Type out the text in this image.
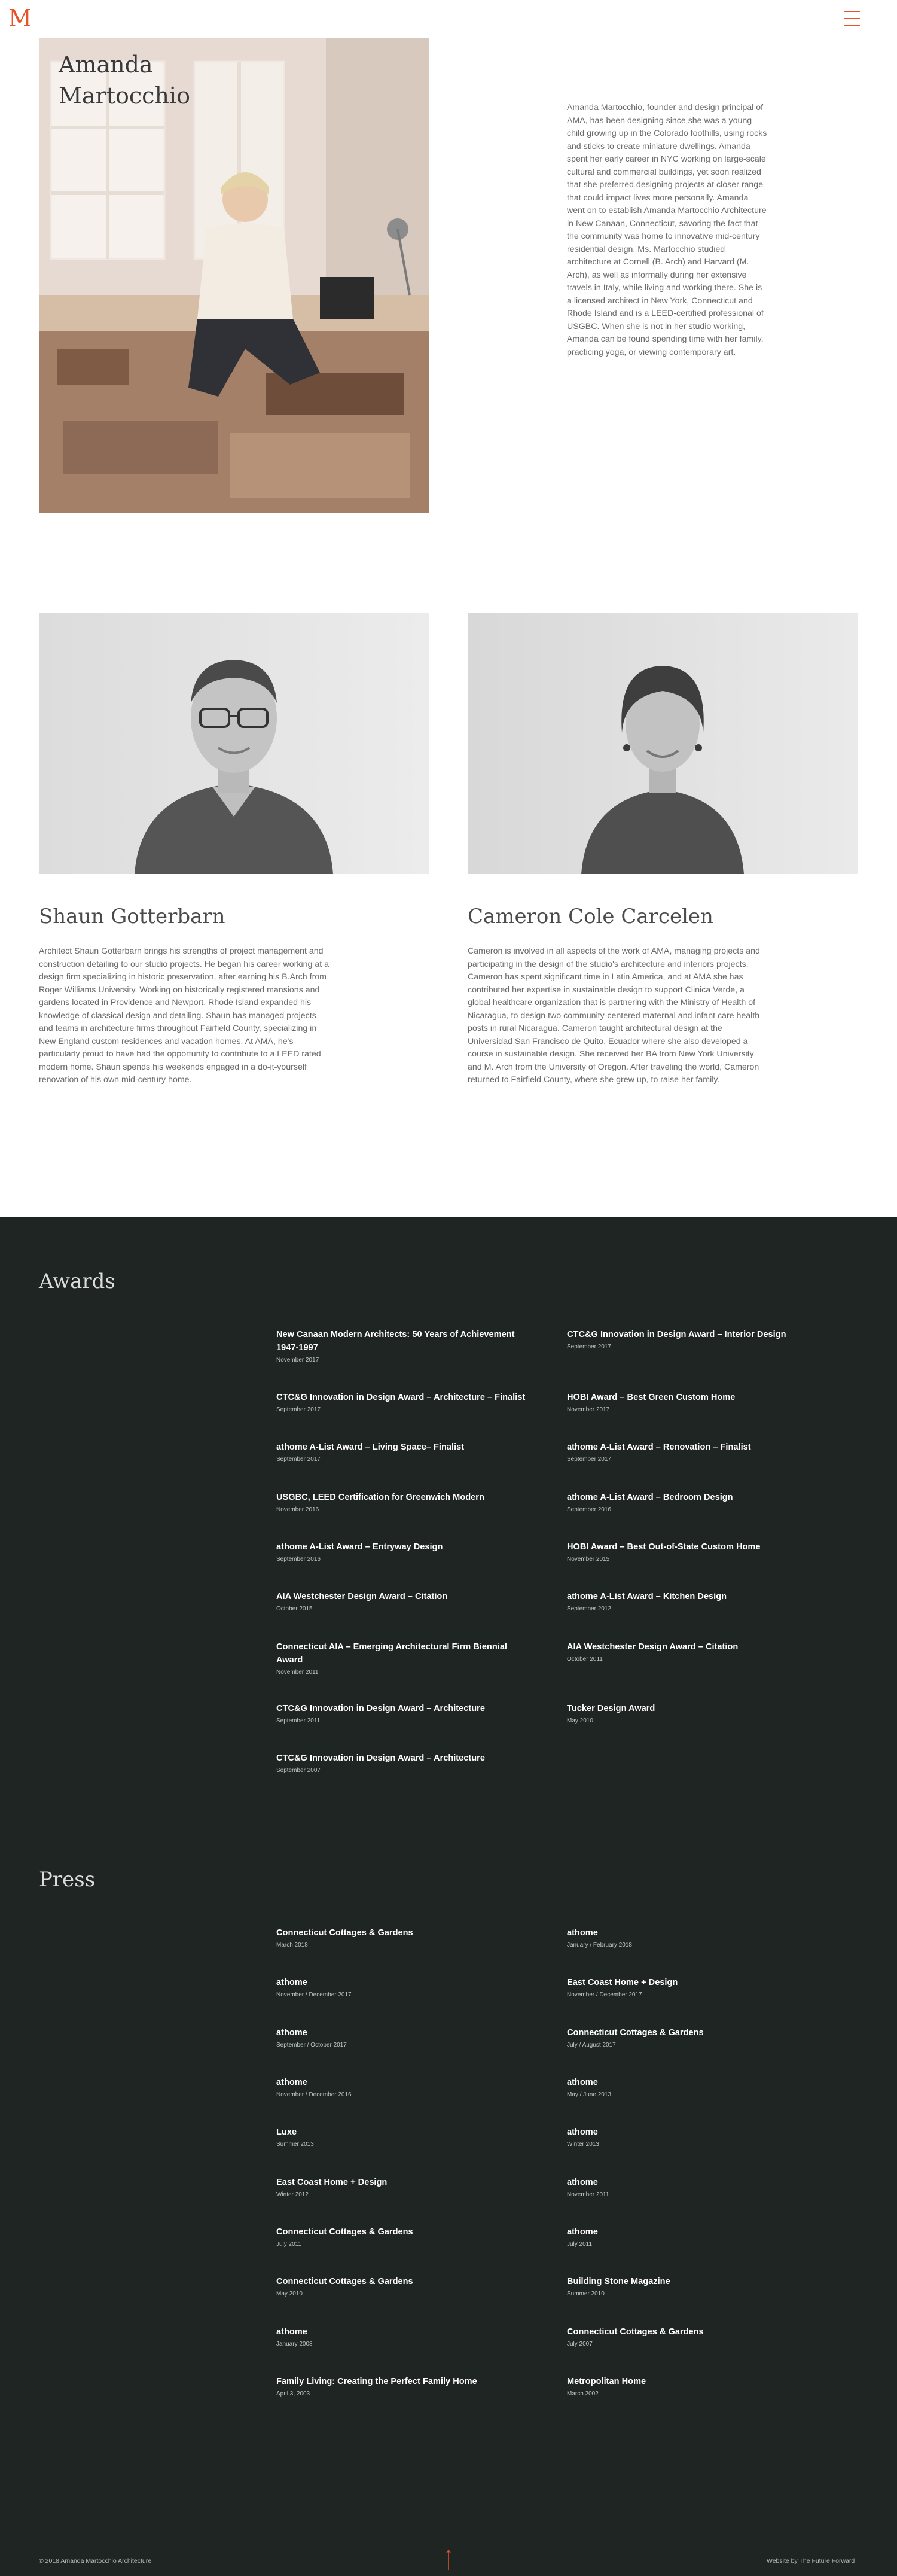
M
Amanda Martocchio	Amanda Martocchio, founder and design principal of AMA, has been designing since she was a young child growing up in the Colorado foothills, using rocks and sticks to create miniature dwellings. Amanda spent her early career in NYC working on large-scale cultural and commercial buildings, yet soon realized that she preferred designing projects at closer range that could impact lives more personally. Amanda went on to establish Amanda Martocchio Architecture in New Canaan, Connecticut, savoring the fact that the community was home to innovative mid-century residential design. Ms. Martocchio studied architecture at Cornell (B. Arch) and Harvard (M. Arch), as well as informally during her extensive travels in Italy, while living and working there. She is a licensed architect in New York, Connecticut and Rhode Island and is a LEED-certified professional of USGBC. When she is not in her studio working, Amanda can be found spending time with her family, practicing yoga, or viewing contemporary art.

Shaun Gotterbarn

Architect Shaun Gotterbarn brings his strengths of project management and construction detailing to our studio projects. He began his career working at a design firm specializing in historic preservation, after earning his B.Arch from Roger Williams University. Working on historically registered mansions and gardens located in Providence and Newport, Rhode Island expanded his knowledge of classical design and detailing. Shaun has managed projects and teams in architecture firms throughout Fairfield County, specializing in New England custom residences and vacation homes. At AMA, he's particularly proud to have had the opportunity to contribute to a LEED rated modern home. Shaun spends his weekends engaged in a do-it-yourself renovation of his own mid-century home.

Cameron Cole Carcelen

Cameron is involved in all aspects of the work of AMA, managing projects and participating in the design of the studio's architecture and interiors projects. Cameron has spent significant time in Latin America, and at AMA she has contributed her expertise in sustainable design to support Clinica Verde, a global healthcare organization that is partnering with the Ministry of Health of Nicaragua, to design two community-centered maternal and infant care health posts in rural Nicaragua. Cameron taught architectural design at the Universidad San Francisco de Quito, Ecuador where she also developed a course in sustainable design. She received her BA from New York University and M. Arch from the University of Oregon. After traveling the world, Cameron returned to Fairfield County, where she grew up, to raise her family.

Awards
New Canaan Modern Architects: 50 Years of Achievement 1947-1997
November 2017
CTC&G Innovation in Design Award – Interior Design
September 2017
CTC&G Innovation in Design Award – Architecture – Finalist
September 2017
HOBI Award – Best Green Custom Home
November 2017
athome A-List Award – Living Space– Finalist
September 2017
athome A-List Award – Renovation – Finalist
September 2017
USGBC, LEED Certification for Greenwich Modern
November 2016
athome A-List Award – Bedroom Design
September 2016
athome A-List Award – Entryway Design
September 2016
HOBI Award – Best Out-of-State Custom Home
November 2015
AIA Westchester Design Award – Citation
October 2015
athome A-List Award – Kitchen Design
September 2012
Connecticut AIA – Emerging Architectural Firm Biennial Award
November 2011
AIA Westchester Design Award – Citation
October 2011
CTC&G Innovation in Design Award – Architecture
September 2011
Tucker Design Award
May 2010
CTC&G Innovation in Design Award – Architecture
September 2007
Press
Connecticut Cottages & Gardens
March 2018
athome
January / February 2018
athome
November / December 2017
East Coast Home + Design
November / December 2017
athome
September / October 2017
Connecticut Cottages & Gardens
July / August 2017
athome
November / December 2016
athome
May / June 2013
Luxe
Summer 2013
athome
Winter 2013
East Coast Home + Design
Winter 2012
athome
November 2011
Connecticut Cottages & Gardens
July 2011
athome
July 2011
Connecticut Cottages & Gardens
May 2010
Building Stone Magazine
Summer 2010
athome
January 2008
Connecticut Cottages & Gardens
July 2007
Family Living: Creating the Perfect Family Home
April 3, 2003
Metropolitan Home
March 2002
© 2018 Amanda Martocchio Architecture	Website by The Future Forward
